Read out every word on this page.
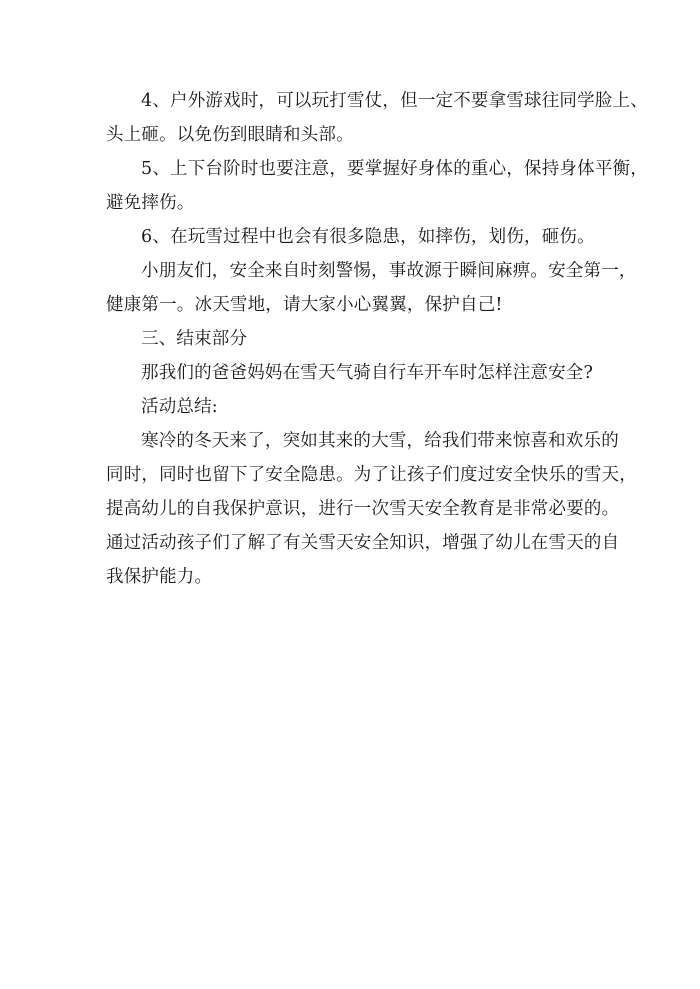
4、户外游戏时，可以玩打雪仗，但一定不要拿雪球往同学脸上、
头上砸。以免伤到眼睛和头部。
5、上下台阶时也要注意，要掌握好身体的重心，保持身体平衡，
避免摔伤。
6、在玩雪过程中也会有很多隐患，如摔伤，划伤，砸伤。
小朋友们，安全来自时刻警惕，事故源于瞬间麻痹。安全第一，
健康第一。冰天雪地，请大家小心翼翼，保护自己!
三、结束部分
那我们的爸爸妈妈在雪天气骑自行车开车时怎样注意安全?
活动总结:
寒冷的冬天来了，突如其来的大雪，给我们带来惊喜和欢乐的
同时，同时也留下了安全隐患。为了让孩子们度过安全快乐的雪天，
提高幼儿的自我保护意识，进行一次雪天安全教育是非常必要的。
通过活动孩子们了解了有关雪天安全知识，增强了幼儿在雪天的自
我保护能力。
